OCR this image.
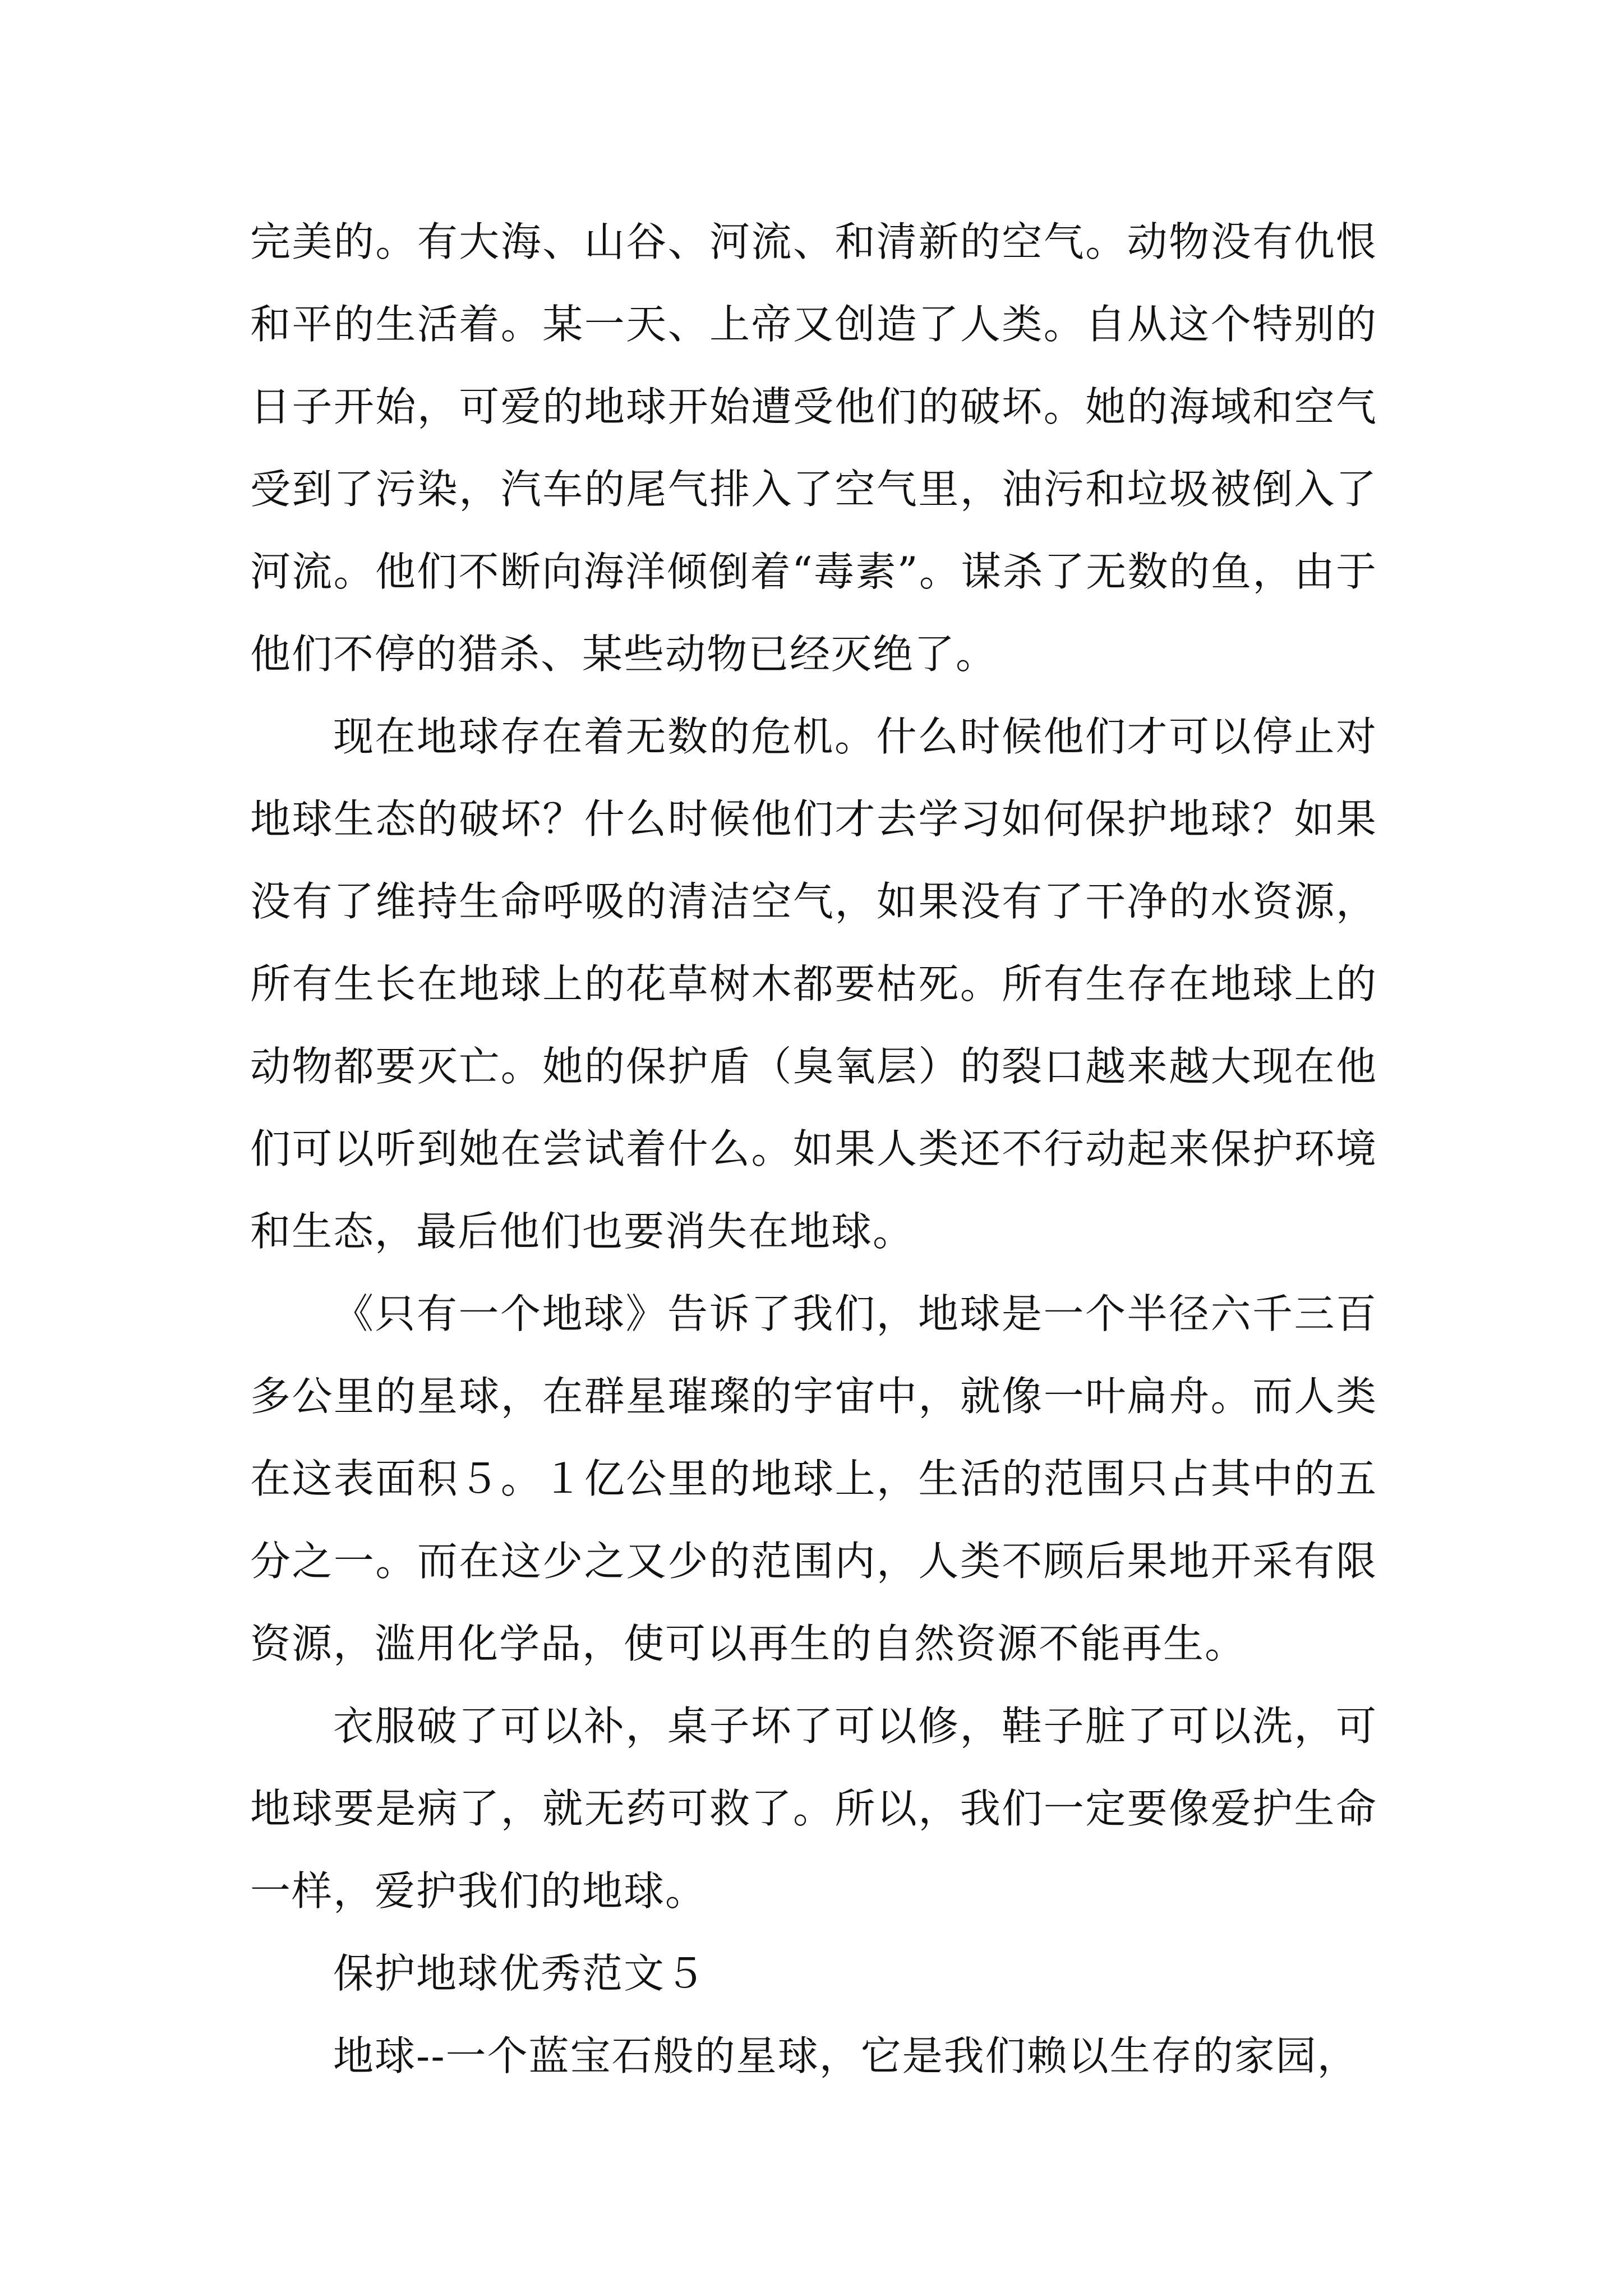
完美的。有大海、山谷、河流、和清新的空气。动物没有仇恨和平的生活着。某一天、上帝又创造了人类。自从这个特别的日子开始，可爱的地球开始遭受他们的破坏。她的海域和空气受到了污染，汽车的尾气排入了空气里，油污和垃圾被倒入了河流。他们不断向海洋倾倒着“毒素”。谋杀了无数的鱼，由于他们不停的猎杀、某些动物已经灭绝了。

现在地球存在着无数的危机。什么时候他们才可以停止对地球生态的破坏？什么时候他们才去学习如何保护地球？如果没有了维持生命呼吸的清洁空气，如果没有了干净的水资源，所有生长在地球上的花草树木都要枯死。所有生存在地球上的动物都要灭亡。她的保护盾（臭氧层）的裂口越来越大现在他们可以听到她在尝试着什么。如果人类还不行动起来保护环境和生态，最后他们也要消失在地球。

《只有一个地球》告诉了我们，地球是一个半径六千三百多公里的星球，在群星璀璨的宇宙中，就像一叶扁舟。而人类在这表面积５。１亿公里的地球上，生活的范围只占其中的五分之一。而在这少之又少的范围内，人类不顾后果地开采有限资源，滥用化学品，使可以再生的自然资源不能再生。

衣服破了可以补，桌子坏了可以修，鞋子脏了可以洗，可地球要是病了，就无药可救了。所以，我们一定要像爱护生命一样，爱护我们的地球。

保护地球优秀范文５

地球--一个蓝宝石般的星球，它是我们赖以生存的家园，
